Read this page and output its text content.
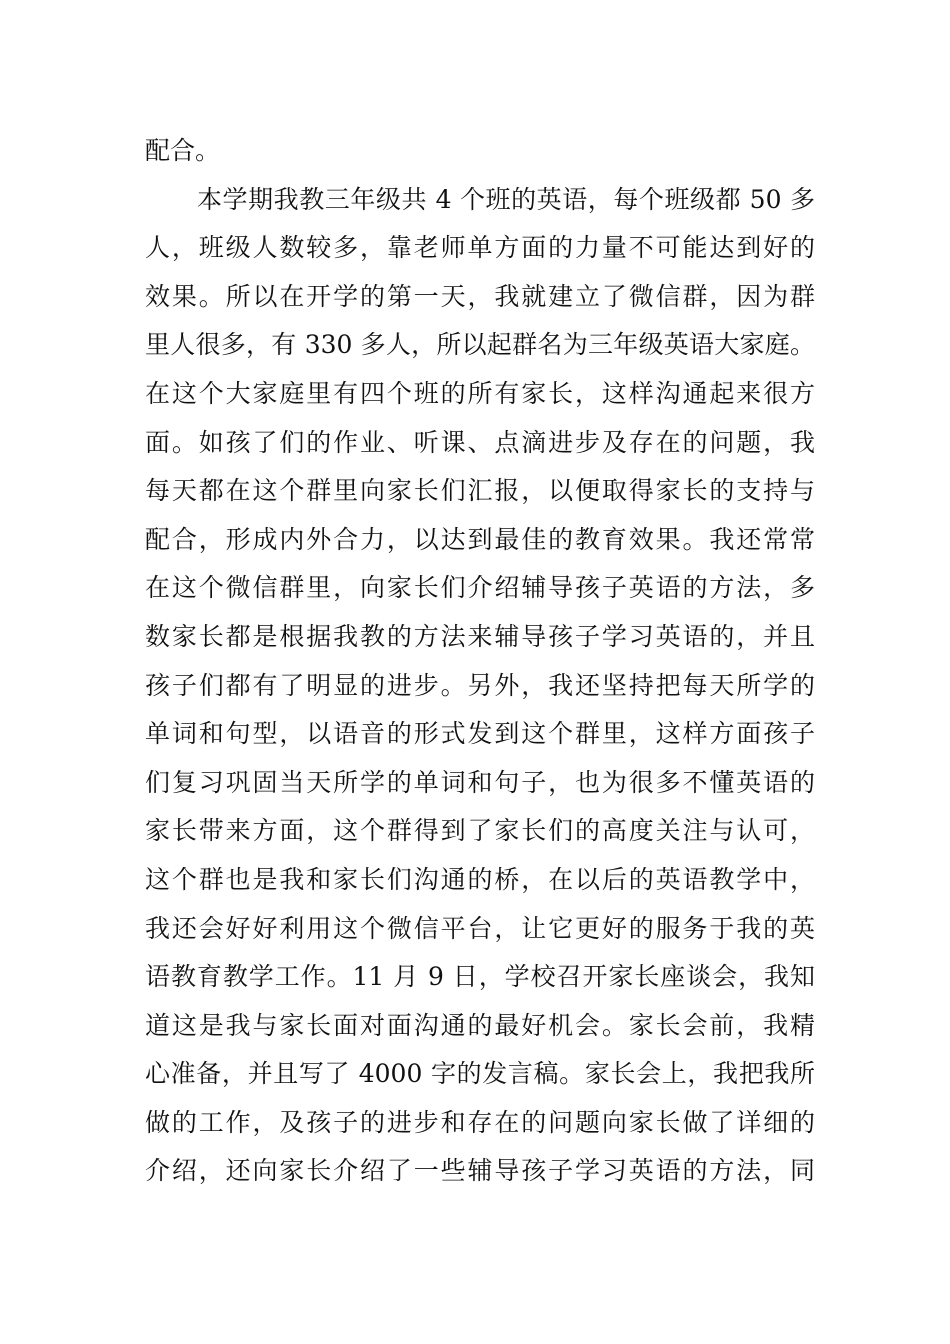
配合。
本学期我教三年级共 4 个班的英语，每个班级都 50 多
人，班级人数较多，靠老师单方面的力量不可能达到好的
效果。所以在开学的第一天，我就建立了微信群，因为群
里人很多，有 330 多人，所以起群名为三年级英语大家庭。
在这个大家庭里有四个班的所有家长，这样沟通起来很方
面。如孩了们的作业、听课、点滴进步及存在的问题，我
每天都在这个群里向家长们汇报，以便取得家长的支持与
配合，形成内外合力，以达到最佳的教育效果。我还常常
在这个微信群里，向家长们介绍辅导孩子英语的方法，多
数家长都是根据我教的方法来辅导孩子学习英语的，并且
孩子们都有了明显的进步。另外，我还坚持把每天所学的
单词和句型，以语音的形式发到这个群里，这样方面孩子
们复习巩固当天所学的单词和句子，也为很多不懂英语的
家长带来方面，这个群得到了家长们的高度关注与认可，
这个群也是我和家长们沟通的桥，在以后的英语教学中，
我还会好好利用这个微信平台，让它更好的服务于我的英
语教育教学工作。11 月 9 日，学校召开家长座谈会，我知
道这是我与家长面对面沟通的最好机会。家长会前，我精
心准备，并且写了 4000 字的发言稿。家长会上，我把我所
做的工作，及孩子的进步和存在的问题向家长做了详细的
介绍，还向家长介绍了一些辅导孩子学习英语的方法，同
